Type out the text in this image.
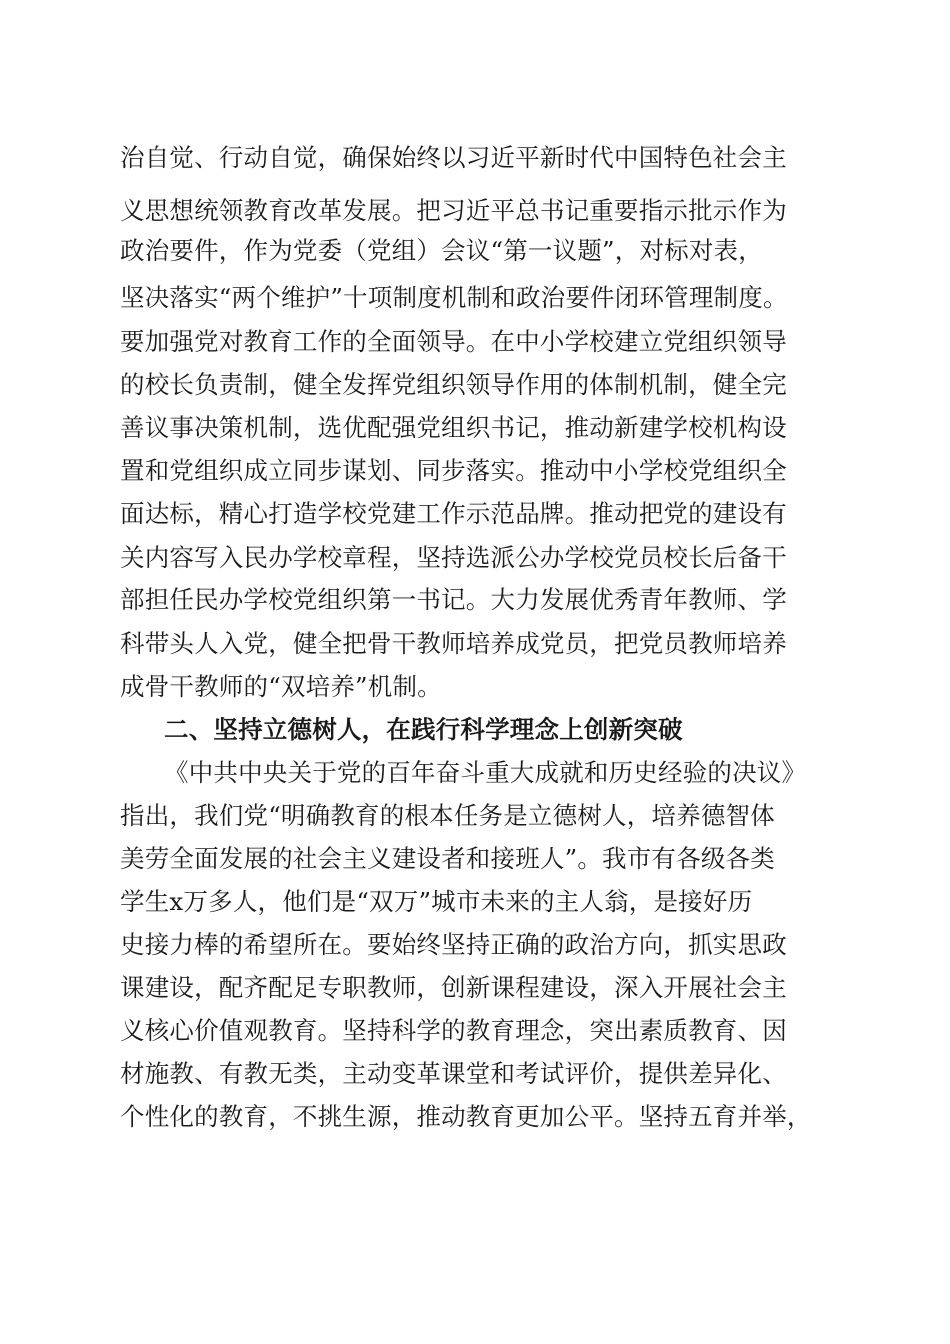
治自觉、行动自觉，确保始终以习近平新时代中国特色社会主
义思想统领教育改革发展。把习近平总书记重要指示批示作为
政治要件，作为党委（党组）会议“第一议题”，对标对表，
坚决落实“两个维护”十项制度机制和政治要件闭环管理制度。
要加强党对教育工作的全面领导。在中小学校建立党组织领导
的校长负责制，健全发挥党组织领导作用的体制机制，健全完
善议事决策机制，选优配强党组织书记，推动新建学校机构设
置和党组织成立同步谋划、同步落实。推动中小学校党组织全
面达标，精心打造学校党建工作示范品牌。推动把党的建设有
关内容写入民办学校章程，坚持选派公办学校党员校长后备干
部担任民办学校党组织第一书记。大力发展优秀青年教师、学
科带头人入党，健全把骨干教师培养成党员，把党员教师培养
成骨干教师的“双培养”机制。
二、坚持立德树人，在践行科学理念上创新突破
《中共中央关于党的百年奋斗重大成就和历史经验的决议》
指出，我们党“明确教育的根本任务是立德树人，培养德智体
美劳全面发展的社会主义建设者和接班人”。我市有各级各类
学生x万多人，他们是“双万”城市未来的主人翁，是接好历
史接力棒的希望所在。要始终坚持正确的政治方向，抓实思政
课建设，配齐配足专职教师，创新课程建设，深入开展社会主
义核心价值观教育。坚持科学的教育理念，突出素质教育、因
材施教、有教无类，主动变革课堂和考试评价，提供差异化、
个性化的教育，不挑生源，推动教育更加公平。坚持五育并举，
